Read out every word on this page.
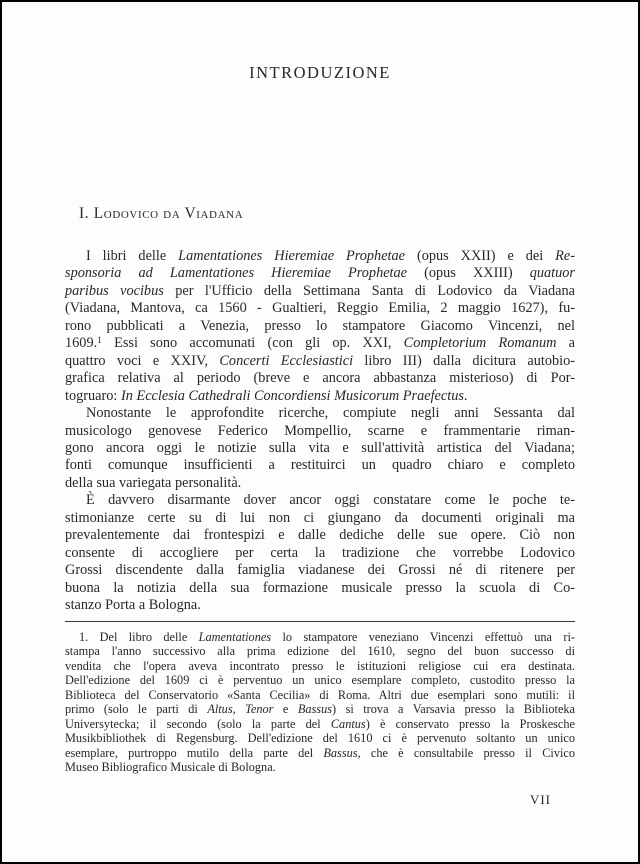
INTRODUZIONE
I. Lodovico da Viadana
I libri delle Lamentationes Hieremiae Prophetae (opus XXII) e dei Re-
sponsoria ad Lamentationes Hieremiae Prophetae (opus XXIII) quatuor
paribus vocibus per l'Ufficio della Settimana Santa di Lodovico da Viadana
(Viadana, Mantova, ca 1560 - Gualtieri, Reggio Emilia, 2 maggio 1627), fu-
rono pubblicati a Venezia, presso lo stampatore Giacomo Vincenzi, nel
1609.$^1$ Essi sono accomunati (con gli op. XXI, Completorium Romanum a
quattro voci e XXIV, Concerti Ecclesiastici libro III) dalla dicitura autobio-
grafica relativa al periodo (breve e ancora abbastanza misterioso) di Por-
togruaro: In Ecclesia Cathedrali Concordiensi Musicorum Praefectus.
Nonostante le approfondite ricerche, compiute negli anni Sessanta dal
musicologo genovese Federico Mompellio, scarne e frammentarie riman-
gono ancora oggi le notizie sulla vita e sull'attività artistica del Viadana;
fonti comunque insufficienti a restituirci un quadro chiaro e completo
della sua variegata personalità.
È davvero disarmante dover ancor oggi constatare come le poche te-
stimonianze certe su di lui non ci giungano da documenti originali ma
prevalentemente dai frontespizi e dalle dediche delle sue opere. Ciò non
consente di accogliere per certa la tradizione che vorrebbe Lodovico
Grossi discendente dalla famiglia viadanese dei Grossi né di ritenere per
buona la notizia della sua formazione musicale presso la scuola di Co-
stanzo Porta a Bologna.
1. Del libro delle Lamentationes lo stampatore veneziano Vincenzi effettuò una ri-
stampa l'anno successivo alla prima edizione del 1610, segno del buon successo di
vendita che l'opera aveva incontrato presso le istituzioni religiose cui era destinata.
Dell'edizione del 1609 ci è perventuo un unico esemplare completo, custodito presso la
Biblioteca del Conservatorio «Santa Cecilia» di Roma. Altri due esemplari sono mutili: il
primo (solo le parti di Altus, Tenor e Bassus) si trova a Varsavia presso la Biblioteka
Universytecka; il secondo (solo la parte del Cantus) è conservato presso la Proskesche
Musikbibliothek di Regensburg. Dell'edizione del 1610 ci è pervenuto soltanto un unico
esemplare, purtroppo mutilo della parte del Bassus, che è consultabile presso il Civico
Museo Bibliografico Musicale di Bologna.
VII
